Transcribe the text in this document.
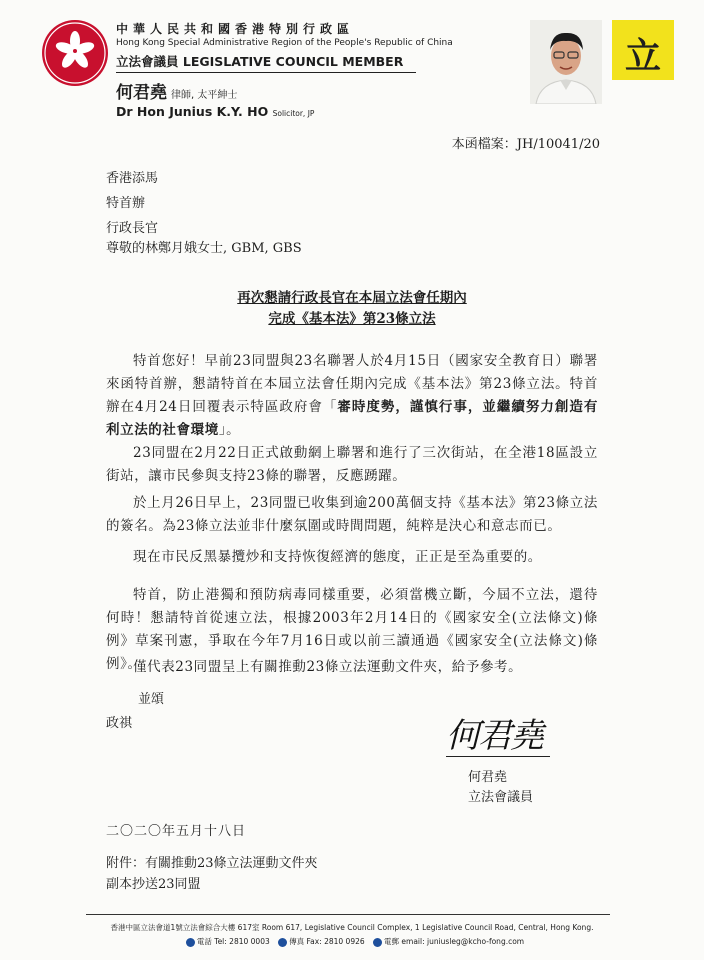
中華人民共和國香港特別行政區
Hong Kong Special Administrative Region of the People's Republic of China
立法會議員 LEGISLATIVE COUNCIL MEMBER
何君堯 律師, 太平紳士
Dr Hon Junius K.Y. HO Solicitor, JP
立
本函檔案：JH/10041/20
香港添馬
特首辦
行政長官
尊敬的林鄭月娥女士, GBM, GBS
再次懇請行政長官在本屆立法會任期內
完成《基本法》第23條立法

特首您好！早前23同盟與23名聯署人於4月15日（國家安全教育日）聯署來函特首辦，懇請特首在本屆立法會任期內完成《基本法》第23條立法。特首辦在4月24日回覆表示特區政府會「審時度勢，謹慎行事，並繼續努力創造有利立法的社會環境」。

23同盟在2月22日正式啟動網上聯署和進行了三次街站，在全港18區設立街站，讓市民參與支持23條的聯署，反應踴躍。

於上月26日早上，23同盟已收集到逾200萬個支持《基本法》第23條立法的簽名。為23條立法並非什麼氛圍或時間問題，純粹是決心和意志而已。

現在市民反黑暴攬炒和支持恢復經濟的態度，正正是至為重要的。

特首，防止港獨和預防病毒同樣重要，必須當機立斷，今屆不立法，還待何時！懇請特首從速立法，根據2003年2月14日的《國家安全(立法條文)條例》草案刊憲，爭取在今年7月16日或以前三讀通過《國家安全(立法條文)條例》。

僅代表23同盟呈上有關推動23條立法運動文件夾，給予參考。

並頌
政祺	何君堯
何君堯
立法會議員
二〇二〇年五月十八日
附件：有關推動23條立法運動文件夾
副本抄送23同盟
香港中區立法會道1號立法會綜合大樓 617室 Room 617, Legislative Council Complex, 1 Legislative Council Road, Central, Hong Kong.
電話 Tel: 2810 0003	傳真 Fax: 2810 0926	電郵 email: juniusleg@kcho-fong.com
